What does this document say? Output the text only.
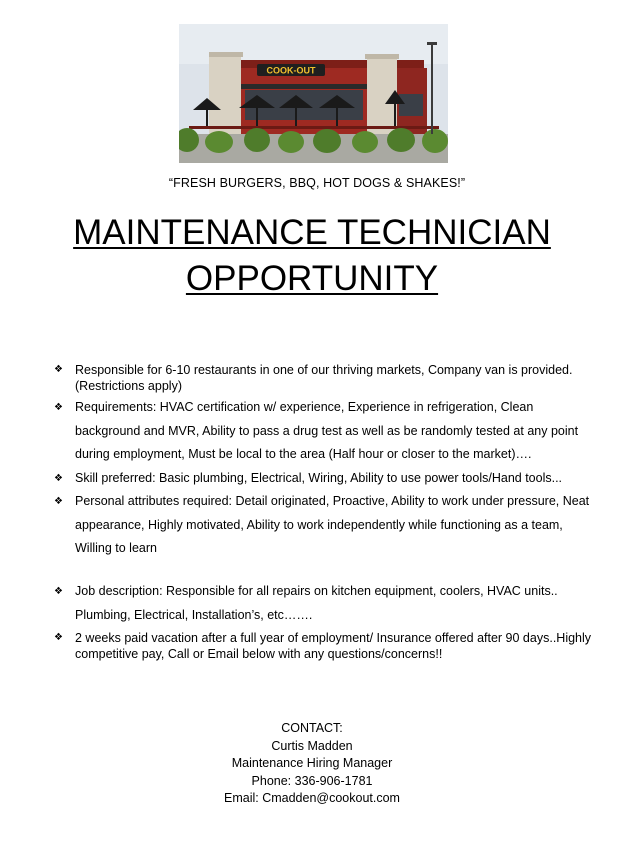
COOK-OUT
“FRESH BURGERS, BBQ, HOT DOGS & SHAKES!”
MAINTENANCE TECHNICIAN
OPPORTUNITY
❖ Responsible for 6-10 restaurants in one of our thriving markets, Company van is provided. (Restrictions apply)
❖ Requirements: HVAC certification w/ experience, Experience in refrigeration, Clean background and MVR, Ability to pass a drug test as well as be randomly tested at any point during employment, Must be local to the area (Half hour or closer to the market)….
❖ Skill preferred: Basic plumbing, Electrical, Wiring, Ability to use power tools/Hand tools...
❖ Personal attributes required: Detail originated, Proactive, Ability to work under pressure, Neat appearance, Highly motivated, Ability to work independently while functioning as a team, Willing to learn
❖ Job description: Responsible for all repairs on kitchen equipment, coolers, HVAC units.. Plumbing, Electrical, Installation’s, etc…….
❖ 2 weeks paid vacation after a full year of employment/ Insurance offered after 90 days..Highly competitive pay, Call or Email below with any questions/concerns!!
CONTACT:
Curtis Madden
Maintenance Hiring Manager
Phone: 336-906-1781
Email: Cmadden@cookout.com
